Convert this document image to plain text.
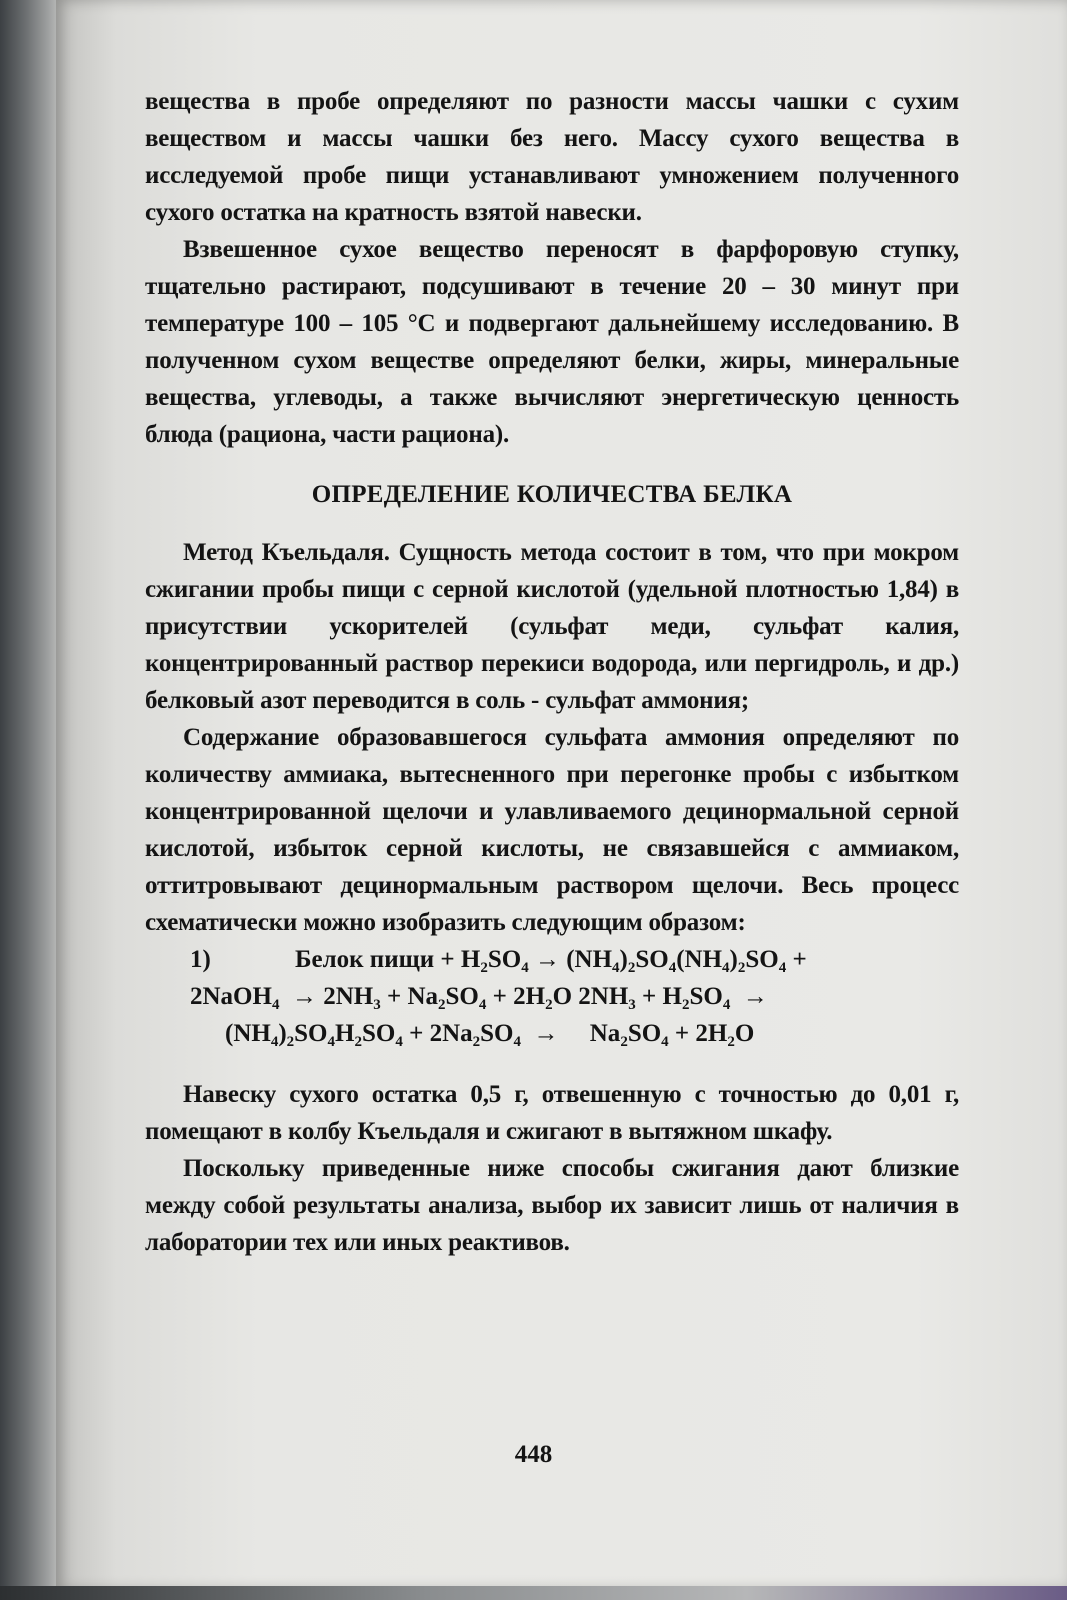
вещества в пробе определяют по разности массы чашки с сухим веществом и массы чашки без него. Массу сухого вещества в исследуемой пробе пищи устанавливают умножением полученного сухого остатка на кратность взятой навески.

Взвешенное сухое вещество переносят в фарфоровую ступку, тщательно растирают, подсушивают в течение 20 – 30 минут при температуре 100 – 105 °С и подвергают дальнейшему исследованию. В полученном сухом веществе определяют белки, жиры, минеральные вещества, углеводы, а также вычисляют энергетическую ценность блюда (рациона, части рациона).

ОПРЕДЕЛЕНИЕ КОЛИЧЕСТВА БЕЛКА

Метод Къельдаля. Сущность метода состоит в том, что при мокром сжигании пробы пищи с серной кислотой (удельной плотностью 1,84) в присутствии ускорителей (сульфат меди, сульфат калия, концентрированный раствор перекиси водорода, или пергидроль, и др.) белковый азот переводится в соль - сульфат аммония;

Содержание образовавшегося сульфата аммония определяют по количеству аммиака, вытесненного при перегонке пробы с избытком концентрированной щелочи и улавливаемого децинормальной серной кислотой, избыток серной кислоты, не связавшейся с аммиаком, оттитровывают децинормальным раствором щелочи. Весь процесс схематически можно изобразить следующим образом:

1)	Белок пищи + $H_2SO_4 \to (NH_4)_2SO_4(NH_4)_2SO_4$ +
2NaOH$_4$  → $2NH_3 + Na_2SO_4 + 2H_2O$ $2NH_3 + H_2SO_4$  →
$(NH_4)_2SO_4H_2SO_4 + 2Na_2SO_4$  →     $Na_2SO_4 + 2H_2O$

Навеску сухого остатка 0,5 г, отвешенную с точностью до 0,01 г, помещают в колбу Къельдаля и сжигают в вытяжном шкафу.

Поскольку приведенные ниже способы сжигания дают близкие между собой результаты анализа, выбор их зависит лишь от наличия в лаборатории тех или иных реактивов.

448
